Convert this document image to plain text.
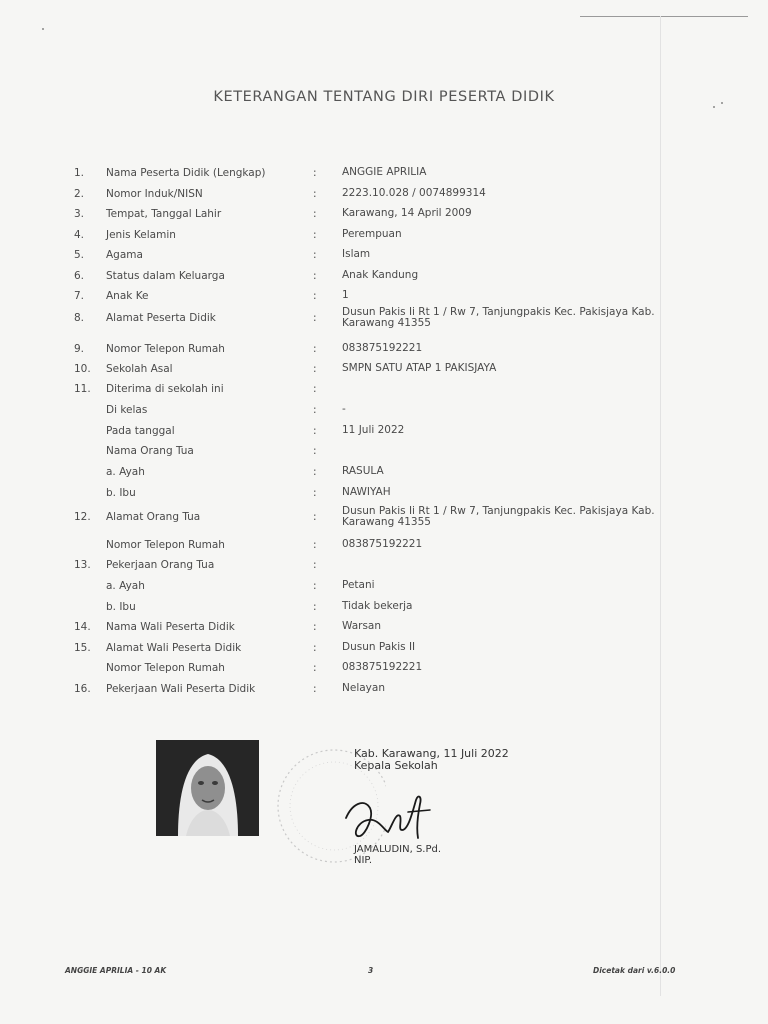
KETERANGAN TENTANG DIRI PESERTA DIDIK
1. Nama Peserta Didik (Lengkap)	: ANGGIE APRILIA
2. Nomor Induk/NISN	: 2223.10.028 / 0074899314
3. Tempat, Tanggal Lahir	: Karawang, 14 April 2009
4. Jenis Kelamin	: Perempuan
5. Agama	: Islam
6. Status dalam Keluarga	: Anak Kandung
7. Anak Ke	: 1
8. Alamat Peserta Didik	: Dusun Pakis Ii Rt 1 / Rw 7, Tanjungpakis Kec. Pakisjaya Kab. Karawang 41355
9. Nomor Telepon Rumah	: 083875192221
10. Sekolah Asal	: SMPN SATU ATAP 1 PAKISJAYA
11. Diterima di sekolah ini	:
Di kelas	: -
Pada tanggal	: 11 Juli 2022
Nama Orang Tua	:
a. Ayah	: RASULA
b. Ibu	: NAWIYAH
12. Alamat Orang Tua	: Dusun Pakis Ii Rt 1 / Rw 7, Tanjungpakis Kec. Pakisjaya Kab. Karawang 41355
Nomor Telepon Rumah	: 083875192221
13. Pekerjaan Orang Tua	:
a. Ayah	: Petani
b. Ibu	: Tidak bekerja
14. Nama Wali Peserta Didik	: Warsan
15. Alamat Wali Peserta Didik	: Dusun Pakis II
Nomor Telepon Rumah	: 083875192221
16. Pekerjaan Wali Peserta Didik	: Nelayan
Kab. Karawang, 11 Juli 2022
Kepala Sekolah
JAMALUDIN, S.Pd.
NIP.
ANGGIE APRILIA - 10 AK	3	Dicetak dari v.6.0.0
